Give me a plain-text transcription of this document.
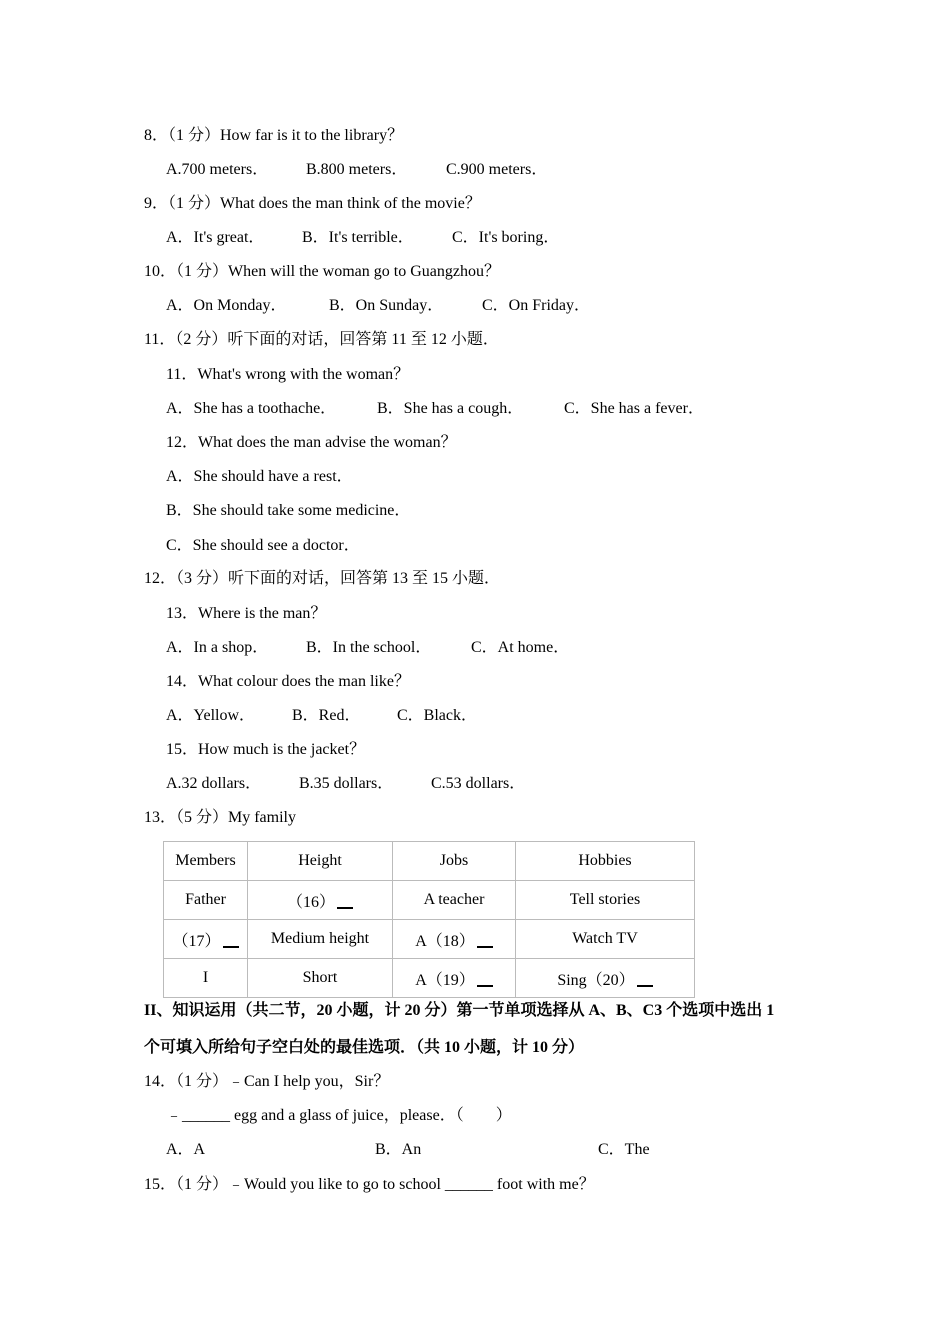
8．（1 分）How far is it to the library？
A.700 meters． B.800 meters． C.900 meters．
9．（1 分）What does the man think of the movie？
A．It's great． B．It's terrible． C．It's boring．
10．（1 分）When will the woman go to Guangzhou？
A．On Monday．	B．On Sunday． C．On Friday．
11．（2 分）听下面的对话，回答第 11 至 12 小题．
11．What's wrong with the woman？
A．She has a toothache．	B．She has a cough．	C．She has a fever．
12．What does the man advise the woman？
A．She should have a rest．
B．She should take some medicine．
C．She should see a doctor．
12．（3 分）听下面的对话，回答第 13 至 15 小题．
13．Where is the man？
A．In a shop． B．In the school． C．At home．
14．What colour does the man like？
A．Yellow． B．Red． C．Black．
15．How much is the jacket？
A.32 dollars． B.35 dollars． C.53 dollars．
13．（5 分）My family
Members	Height	Jobs	Hobbies
Father	（16）	A teacher	Tell stories
（17）	Medium height	A（18）	Watch TV
I	Short	A（19）	Sing（20）
II、知识运用（共二节，20 小题，计 20 分）第一节单项选择从 A、B、C3 个选项中选出 1
个可填入所给句子空白处的最佳选项．（共 10 小题，计 10 分）
14．（1 分）﹣Can I help you，Sir？
﹣______ egg and a glass of juice，please．（　　）
A．A	B．An	C．The
15．（1 分）﹣Would you like to go to school ______ foot with me？
